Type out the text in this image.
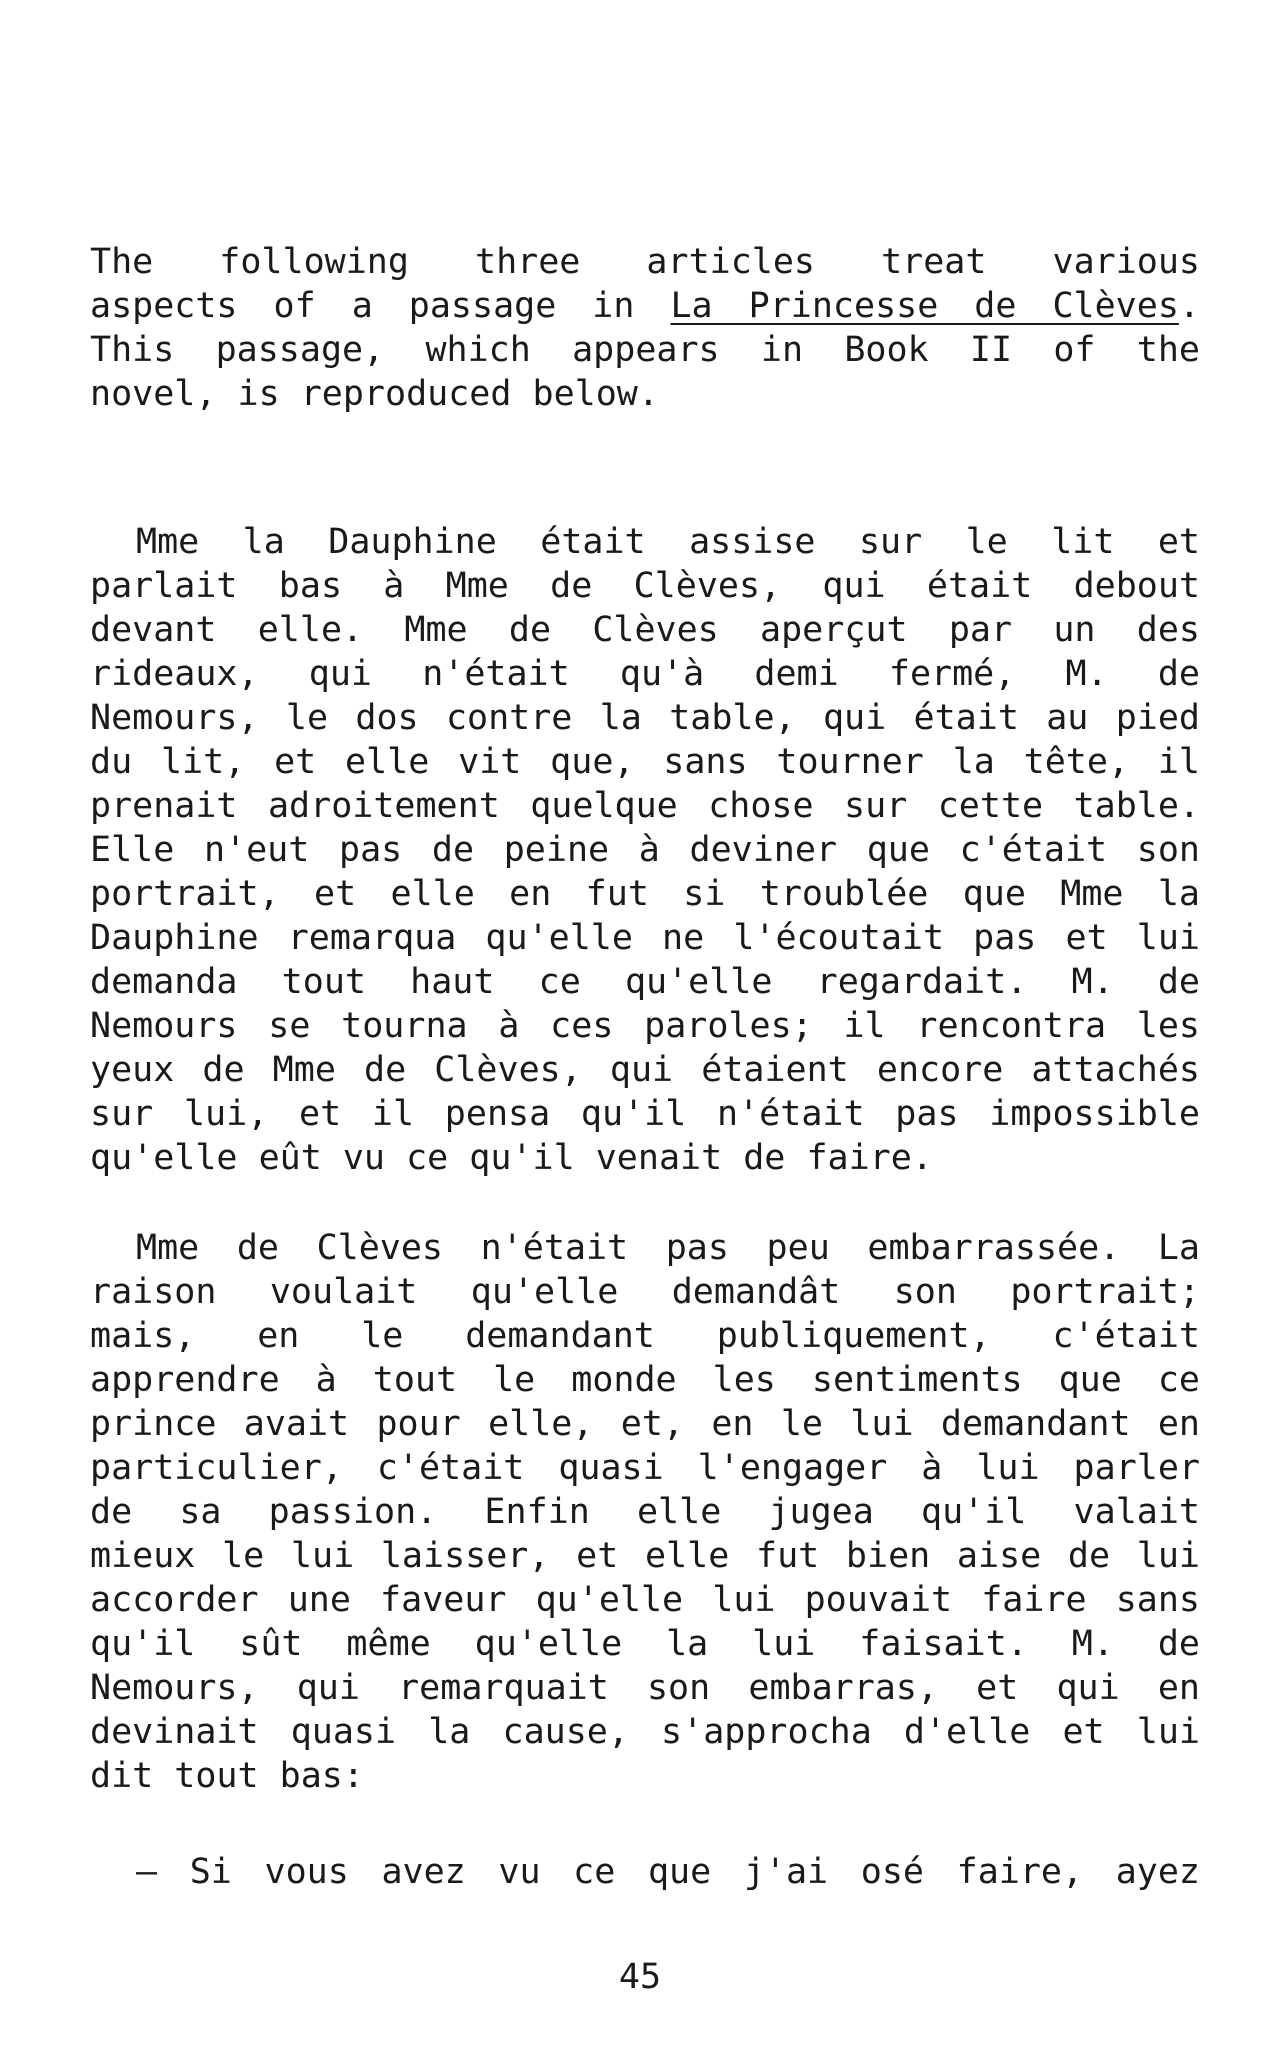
The following three articles treat various
aspects of a passage in La Princesse de Clèves.
This passage, which appears in Book II of the
novel, is reproduced below.
Mme la Dauphine était assise sur le lit et
parlait bas à Mme de Clèves, qui était debout
devant elle. Mme de Clèves aperçut par un des
rideaux, qui n'était qu'à demi fermé, M. de
Nemours, le dos contre la table, qui était au pied
du lit, et elle vit que, sans tourner la tête, il
prenait adroitement quelque chose sur cette table.
Elle n'eut pas de peine à deviner que c'était son
portrait, et elle en fut si troublée que Mme la
Dauphine remarqua qu'elle ne l'écoutait pas et lui
demanda tout haut ce qu'elle regardait. M. de
Nemours se tourna à ces paroles; il rencontra les
yeux de Mme de Clèves, qui étaient encore attachés
sur lui, et il pensa qu'il n'était pas impossible
qu'elle eût vu ce qu'il venait de faire.
Mme de Clèves n'était pas peu embarrassée. La
raison voulait qu'elle demandât son portrait;
mais, en le demandant publiquement, c'était
apprendre à tout le monde les sentiments que ce
prince avait pour elle, et, en le lui demandant en
particulier, c'était quasi l'engager à lui parler
de sa passion. Enfin elle jugea qu'il valait
mieux le lui laisser, et elle fut bien aise de lui
accorder une faveur qu'elle lui pouvait faire sans
qu'il sût même qu'elle la lui faisait. M. de
Nemours, qui remarquait son embarras, et qui en
devinait quasi la cause, s'approcha d'elle et lui
dit tout bas:
— Si vous avez vu ce que j'ai osé faire, ayez
45
